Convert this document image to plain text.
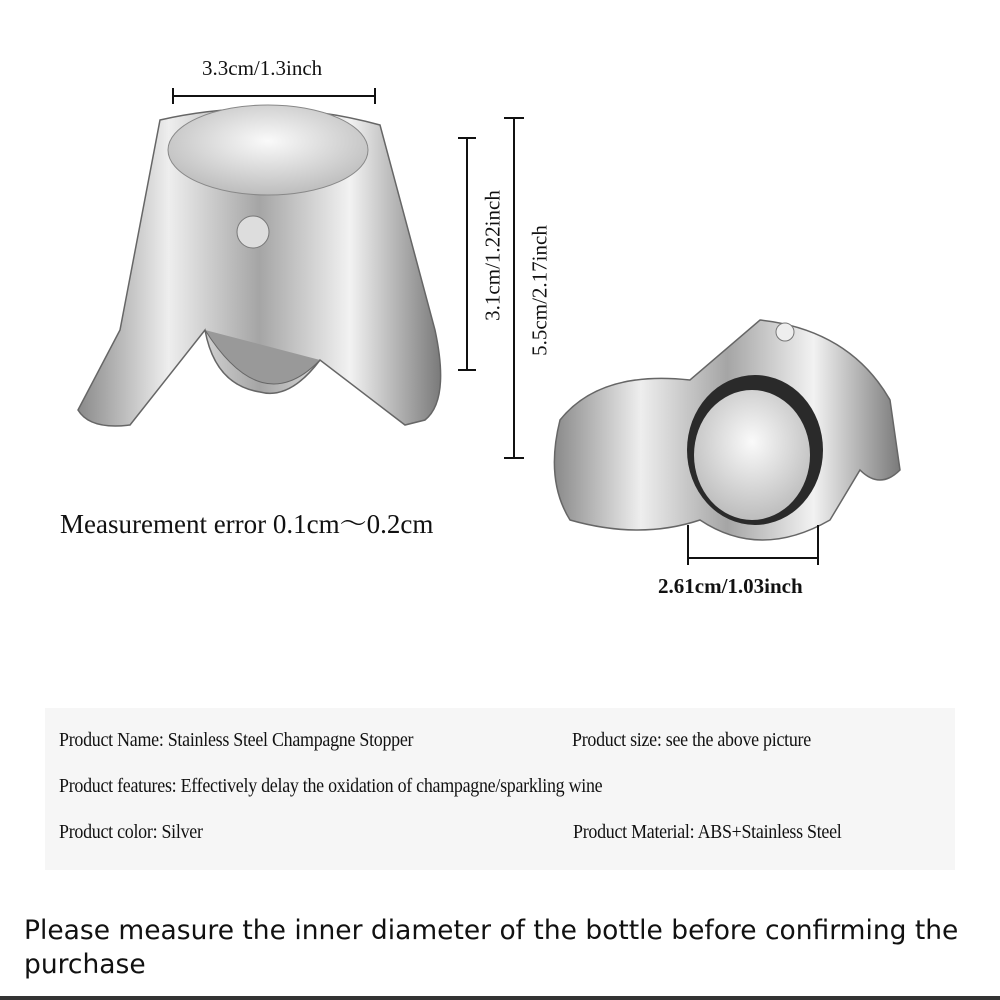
3.3cm/1.3inch
3.1cm/1.22inch 5.5cm/2.17inch
2.61cm/1.03inch
Measurement error 0.1cm～0.2cm
Product Name: Stainless Steel Champagne Stopper	Product size: see the above picture
Product features: Effectively delay the oxidation of champagne/sparkling wine
Product color: Silver	Product Material: ABS+Stainless Steel
Please measure the inner diameter of the bottle before confirming the purchase
